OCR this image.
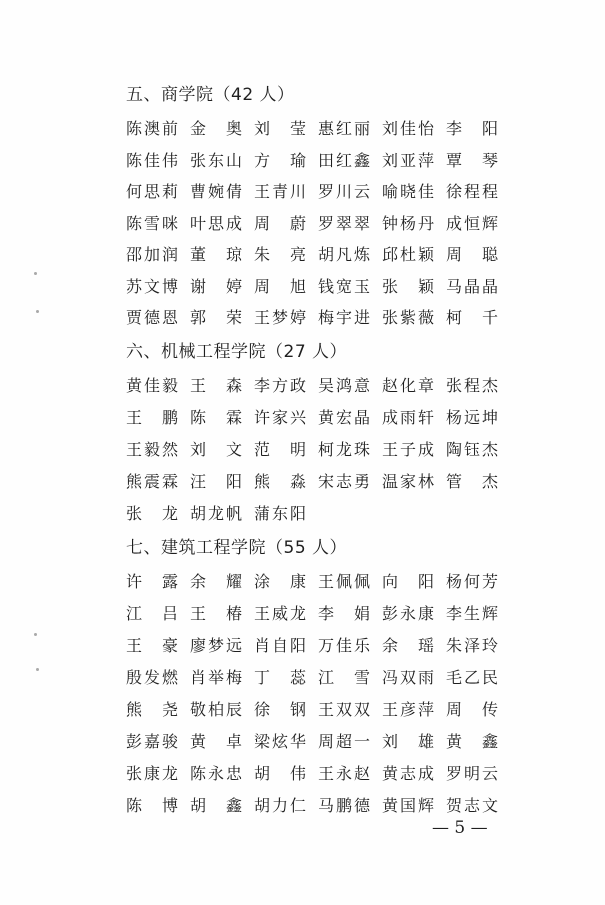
五、商学院（42 人）
陈澳前 金 奥 刘 莹 惠红丽 刘佳怡 李 阳
陈佳伟 张东山 方 瑜 田红鑫 刘亚萍 覃 琴
何思莉 曹婉倩 王青川 罗川云 喻晓佳 徐程程
陈雪咪 叶思成 周 蔚 罗翠翠 钟杨丹 成恒辉
邵加润 董 琼 朱 亮 胡凡炼 邱杜颖 周 聪
苏文博 谢 婷 周 旭 钱宽玉 张 颖 马晶晶
贾德恩 郭 荣 王梦婷 梅宇进 张紫薇 柯 千
六、机械工程学院（27 人）
黄佳毅 王 森 李方政 吴鸿意 赵化章 张程杰
王 鹏 陈 霖 许家兴 黄宏晶 成雨轩 杨远坤
王毅然 刘 文 范 明 柯龙珠 王子成 陶钰杰
熊震霖 汪 阳 熊 淼 宋志勇 温家林 管 杰
张 龙 胡龙帆 蒲东阳
七、建筑工程学院（55 人）
许 露 余 耀 涂 康 王佩佩 向 阳 杨何芳
江 吕 王 椿 王威龙 李 娟 彭永康 李生辉
王 豪 廖梦远 肖自阳 万佳乐 余 瑶 朱泽玲
殷发燃 肖举梅 丁 蕊 江 雪 冯双雨 毛乙民
熊 尧 敬柏辰 徐 钢 王双双 王彦萍 周 传
彭嘉骏 黄 卓 梁炫华 周超一 刘 雄 黄 鑫
张康龙 陈永忠 胡 伟 王永赵 黄志成 罗明云
陈 博 胡 鑫 胡力仁 马鹏德 黄国辉 贺志文
— 5 —
